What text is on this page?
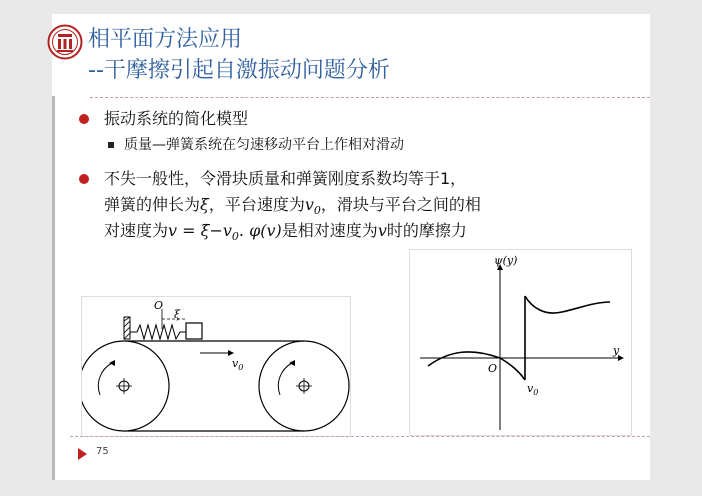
相平面方法应用
--干摩擦引起自激振动问题分析
振动系统的简化模型
质量—弹簧系统在匀速移动平台上作相对滑动
不失一般性，令滑块质量和弹簧刚度系数均等于1，
弹簧的伸长为ξ，平台速度为$v_0$，滑块与平台之间的相
对速度为$v = \xi̇-v_0$. φ(v)是相对速度为v时的摩擦力
O
ξ
$v_0$
ψ(y)
y
O
$v_0$
75
